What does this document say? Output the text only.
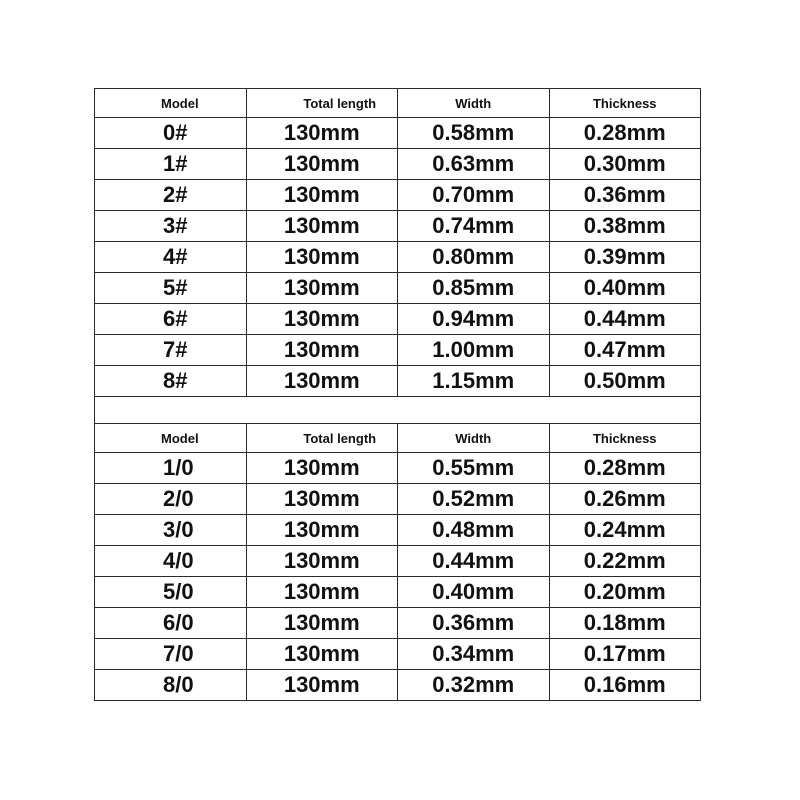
Model	Total length	Width	Thickness
0#	130mm	0.58mm	0.28mm
1#	130mm	0.63mm	0.30mm
2#	130mm	0.70mm	0.36mm
3#	130mm	0.74mm	0.38mm
4#	130mm	0.80mm	0.39mm
5#	130mm	0.85mm	0.40mm
6#	130mm	0.94mm	0.44mm
7#	130mm	1.00mm	0.47mm
8#	130mm	1.15mm	0.50mm

Model	Total length	Width	Thickness
1/0	130mm	0.55mm	0.28mm
2/0	130mm	0.52mm	0.26mm
3/0	130mm	0.48mm	0.24mm
4/0	130mm	0.44mm	0.22mm
5/0	130mm	0.40mm	0.20mm
6/0	130mm	0.36mm	0.18mm
7/0	130mm	0.34mm	0.17mm
8/0	130mm	0.32mm	0.16mm
